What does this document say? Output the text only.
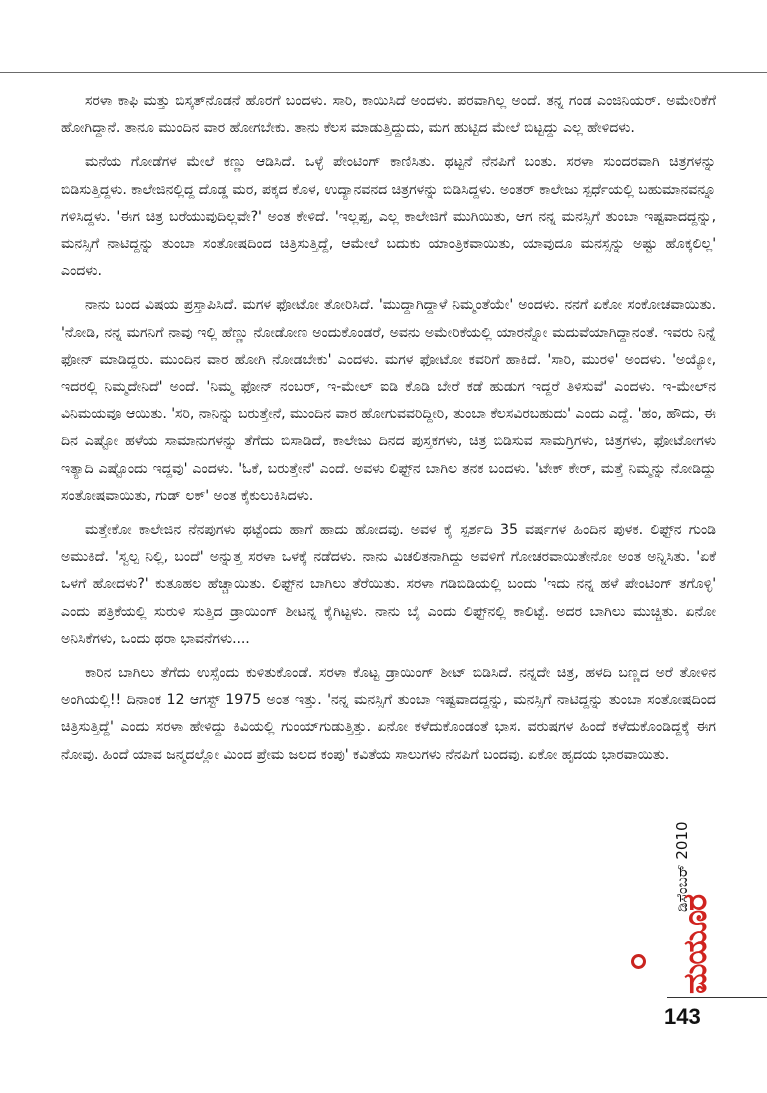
ಸರಳಾ ಕಾಫಿ ಮತ್ತು ಬಿಸ್ಕತ್‌ನೊಡನೆ ಹೊರಗೆ ಬಂದಳು. ಸಾರಿ, ಕಾಯಿಸಿದೆ ಅಂದಳು. ಪರವಾಗಿಲ್ಲ ಅಂದೆ. ತನ್ನ ಗಂಡ ಎಂಜಿನಿಯರ್. ಅಮೇರಿಕೆಗೆ ಹೋಗಿದ್ದಾನೆ. ತಾನೂ ಮುಂದಿನ ವಾರ ಹೋಗಬೇಕು. ತಾನು ಕೆಲಸ ಮಾಡುತ್ತಿದ್ದುದು, ಮಗ ಹುಟ್ಟಿದ ಮೇಲೆ ಬಿಟ್ಟದ್ದು ಎಲ್ಲ ಹೇಳಿದಳು.

ಮನೆಯ ಗೋಡೆಗಳ ಮೇಲೆ ಕಣ್ಣು ಆಡಿಸಿದೆ. ಒಳ್ಳೆ ಪೇಂಟಿಂಗ್ ಕಾಣಿಸಿತು. ಥಟ್ಟನೆ ನೆನಪಿಗೆ ಬಂತು. ಸರಳಾ ಸುಂದರವಾಗಿ ಚಿತ್ರಗಳನ್ನು ಬಿಡಿಸುತ್ತಿದ್ದಳು. ಕಾಲೇಜಿನಲ್ಲಿದ್ದ ದೊಡ್ಡ ಮರ, ಪಕ್ಕದ ಕೊಳ, ಉದ್ಯಾನವನದ ಚಿತ್ರಗಳನ್ನು ಬಿಡಿಸಿದ್ದಳು. ಅಂತರ್ ಕಾಲೇಜು ಸ್ಪರ್ಧೆಯಲ್ಲಿ ಬಹುಮಾನವನ್ನೂ ಗಳಿಸಿದ್ದಳು. 'ಈಗ ಚಿತ್ರ ಬರೆಯುವುದಿಲ್ಲವೇ?' ಅಂತ ಕೇಳಿದೆ. 'ಇಲ್ಲಪ್ಪ, ಎಲ್ಲ ಕಾಲೇಜಿಗೆ ಮುಗಿಯಿತು, ಆಗ ನನ್ನ ಮನಸ್ಸಿಗೆ ತುಂಬಾ ಇಷ್ಟವಾದದ್ದನ್ನು, ಮನಸ್ಸಿಗೆ ನಾಟಿದ್ದನ್ನು ತುಂಬಾ ಸಂತೋಷದಿಂದ ಚಿತ್ರಿಸುತ್ತಿದ್ದೆ, ಆಮೇಲೆ ಬದುಕು ಯಾಂತ್ರಿಕವಾಯಿತು, ಯಾವುದೂ ಮನಸ್ಸನ್ನು ಅಷ್ಟು ಹೊಕ್ಕಲಿಲ್ಲ' ಎಂದಳು.

ನಾನು ಬಂದ ವಿಷಯ ಪ್ರಸ್ತಾಪಿಸಿದೆ. ಮಗಳ ಫೋಟೋ ತೋರಿಸಿದೆ. 'ಮುದ್ದಾಗಿದ್ದಾಳೆ ನಿಮ್ಮಂತೆಯೇ' ಅಂದಳು. ನನಗೆ ಏಕೋ ಸಂಕೋಚವಾಯಿತು. 'ನೋಡಿ, ನನ್ನ ಮಗನಿಗೆ ನಾವು ಇಲ್ಲಿ ಹೆಣ್ಣು ನೋಡೋಣ ಅಂದುಕೊಂಡರೆ, ಅವನು ಅಮೇರಿಕೆಯಲ್ಲಿ ಯಾರನ್ನೋ ಮದುವೆಯಾಗಿದ್ದಾನಂತೆ. ಇವರು ನಿನ್ನೆ ಫೋನ್ ಮಾಡಿದ್ದರು. ಮುಂದಿನ ವಾರ ಹೋಗಿ ನೋಡಬೇಕು' ಎಂದಳು. ಮಗಳ ಫೋಟೋ ಕವರಿಗೆ ಹಾಕಿದೆ. 'ಸಾರಿ, ಮುರಳಿ' ಅಂದಳು. 'ಅಯ್ಯೋ, ಇದರಲ್ಲಿ ನಿಮ್ಮದೇನಿದೆ' ಅಂದೆ. 'ನಿಮ್ಮ ಫೋನ್ ನಂಬರ್, ಇ-ಮೇಲ್ ಐಡಿ ಕೊಡಿ ಬೇರೆ ಕಡೆ ಹುಡುಗ ಇದ್ದರೆ ತಿಳಿಸುವೆ' ಎಂದಳು. ಇ-ಮೇಲ್‌ನ ವಿನಿಮಯವೂ ಆಯಿತು. 'ಸರಿ, ನಾನಿನ್ನು ಬರುತ್ತೇನೆ, ಮುಂದಿನ ವಾರ ಹೋಗುವವರಿದ್ದೀರಿ, ತುಂಬಾ ಕೆಲಸವಿರಬಹುದು' ಎಂದು ಎದ್ದೆ. 'ಹಂ, ಹೌದು, ಈ ದಿನ ಎಷ್ಟೋ ಹಳೆಯ ಸಾಮಾನುಗಳನ್ನು ತೆಗೆದು ಬಿಸಾಡಿದೆ, ಕಾಲೇಜು ದಿನದ ಪುಸ್ತಕಗಳು, ಚಿತ್ರ ಬಿಡಿಸುವ ಸಾಮಗ್ರಿಗಳು, ಚಿತ್ರಗಳು, ಫೋಟೋಗಳು ಇತ್ಯಾದಿ ಎಷ್ಟೊಂದು ಇದ್ದವು' ಎಂದಳು. 'ಓಕೆ, ಬರುತ್ತೇನೆ' ಎಂದೆ. ಅವಳು ಲಿಫ್ಟ್‌ನ ಬಾಗಿಲ ತನಕ ಬಂದಳು. 'ಟೇಕ್ ಕೇರ್, ಮತ್ತೆ ನಿಮ್ಮನ್ನು ನೋಡಿದ್ದು ಸಂತೋಷವಾಯಿತು, ಗುಡ್ ಲಕ್' ಅಂತ ಕೈಕುಲುಕಿಸಿದಳು.

ಮತ್ತೇಕೋ ಕಾಲೇಜಿನ ನೆನಪುಗಳು ಥಟ್ಟೆಂದು ಹಾಗೆ ಹಾದು ಹೋದವು. ಅವಳ ಕೈ ಸ್ಪರ್ಶದಿ 35 ವರ್ಷಗಳ ಹಿಂದಿನ ಪುಳಕ. ಲಿಫ್ಟ್‌ನ ಗುಂಡಿ ಅಮುಕಿದೆ. 'ಸ್ವಲ್ಪ ನಿಲ್ಲಿ, ಬಂದೆ' ಅನ್ನುತ್ತ ಸರಳಾ ಒಳಕ್ಕೆ ನಡೆದಳು. ನಾನು ವಿಚಲಿತನಾಗಿದ್ದು ಅವಳಿಗೆ ಗೋಚರವಾಯಿತೇನೋ ಅಂತ ಅನ್ನಿಸಿತು. 'ಏಕೆ ಒಳಗೆ ಹೋದಳು?' ಕುತೂಹಲ ಹೆಚ್ಚಾಯಿತು. ಲಿಫ್ಟ್‌ನ ಬಾಗಿಲು ತೆರೆಯಿತು. ಸರಳಾ ಗಡಿಬಿಡಿಯಲ್ಲಿ ಬಂದು 'ಇದು ನನ್ನ ಹಳೆ ಪೇಂಟಿಂಗ್ ತಗೊಳ್ಳಿ' ಎಂದು ಪತ್ರಿಕೆಯಲ್ಲಿ ಸುರುಳಿ ಸುತ್ತಿದ ಡ್ರಾಯಿಂಗ್ ಶೀಟನ್ನ ಕೈಗಿಟ್ಟಳು. ನಾನು ಬೈ ಎಂದು ಲಿಫ್ಟ್‌ನಲ್ಲಿ ಕಾಲಿಟ್ಟೆ. ಅದರ ಬಾಗಿಲು ಮುಚ್ಚಿತು. ಏನೋ ಅನಿಸಿಕೆಗಳು, ಒಂದು ಥರಾ ಭಾವನೆಗಳು....

ಕಾರಿನ ಬಾಗಿಲು ತೆಗೆದು ಉಸ್ಸೆಂದು ಕುಳಿತುಕೊಂಡೆ. ಸರಳಾ ಕೊಟ್ಟ ಡ್ರಾಯಿಂಗ್ ಶೀಟ್ ಬಿಡಿಸಿದೆ. ನನ್ನದೇ ಚಿತ್ರ, ಹಳದಿ ಬಣ್ಣದ ಅರೆ ತೋಳಿನ ಅಂಗಿಯಲ್ಲಿ!! ದಿನಾಂಕ 12 ಆಗಸ್ಟ್ 1975 ಅಂತ ಇತ್ತು. 'ನನ್ನ ಮನಸ್ಸಿಗೆ ತುಂಬಾ ಇಷ್ಟವಾದದ್ದನ್ನು, ಮನಸ್ಸಿಗೆ ನಾಟಿದ್ದನ್ನು ತುಂಬಾ ಸಂತೋಷದಿಂದ ಚಿತ್ರಿಸುತ್ತಿದ್ದೆ' ಎಂದು ಸರಳಾ ಹೇಳಿದ್ದು ಕಿವಿಯಲ್ಲಿ ಗುಂಯ್‌ಗುಡುತ್ತಿತ್ತು. ಏನೋ ಕಳೆದುಕೊಂಡಂತೆ ಭಾಸ. ವರುಷಗಳ ಹಿಂದೆ ಕಳೆದುಕೊಂಡಿದ್ದಕ್ಕೆ ಈಗ ನೋವು. ಹಿಂದೆ ಯಾವ ಜನ್ಮದಲ್ಲೋ ಮಿಂದ ಪ್ರೇಮ ಜಲದ ಕಂಪು' ಕವಿತೆಯ ಸಾಲುಗಳು ನೆನಪಿಗೆ ಬಂದವು. ಏಕೋ ಹೃದಯ ಭಾರವಾಯಿತು.

ಡಿಸೆಂಬರ್ 2010
ಮಯೂರ
143
